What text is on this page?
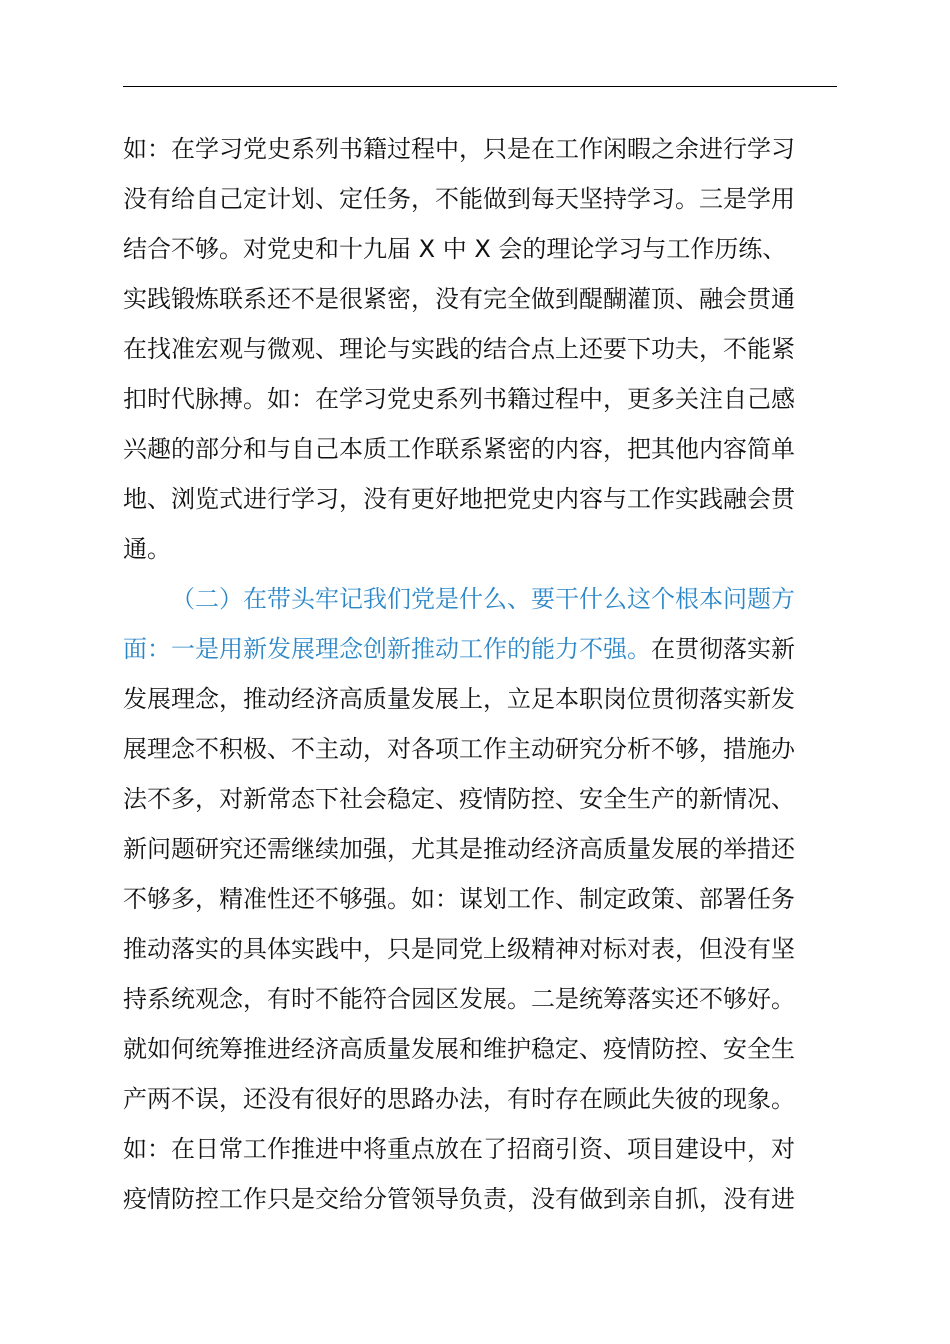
如：在学习党史系列书籍过程中，只是在工作闲暇之余进行学习
没有给自己定计划、定任务，不能做到每天坚持学习。三是学用
结合不够。对党史和十九届 X 中 X 会的理论学习与工作历练、
实践锻炼联系还不是很紧密，没有完全做到醍醐灌顶、融会贯通
在找准宏观与微观、理论与实践的结合点上还要下功夫，不能紧
扣时代脉搏。如：在学习党史系列书籍过程中，更多关注自己感
兴趣的部分和与自己本质工作联系紧密的内容，把其他内容简单
地、浏览式进行学习，没有更好地把党史内容与工作实践融会贯
通。
（二）在带头牢记我们党是什么、要干什么这个根本问题方
面：一是用新发展理念创新推动工作的能力不强。在贯彻落实新
发展理念，推动经济高质量发展上，立足本职岗位贯彻落实新发
展理念不积极、不主动，对各项工作主动研究分析不够，措施办
法不多，对新常态下社会稳定、疫情防控、安全生产的新情况、
新问题研究还需继续加强，尤其是推动经济高质量发展的举措还
不够多，精准性还不够强。如：谋划工作、制定政策、部署任务
推动落实的具体实践中，只是同党上级精神对标对表，但没有坚
持系统观念，有时不能符合园区发展。二是统筹落实还不够好。
就如何统筹推进经济高质量发展和维护稳定、疫情防控、安全生
产两不误，还没有很好的思路办法，有时存在顾此失彼的现象。
如：在日常工作推进中将重点放在了招商引资、项目建设中，对
疫情防控工作只是交给分管领导负责，没有做到亲自抓，没有进
